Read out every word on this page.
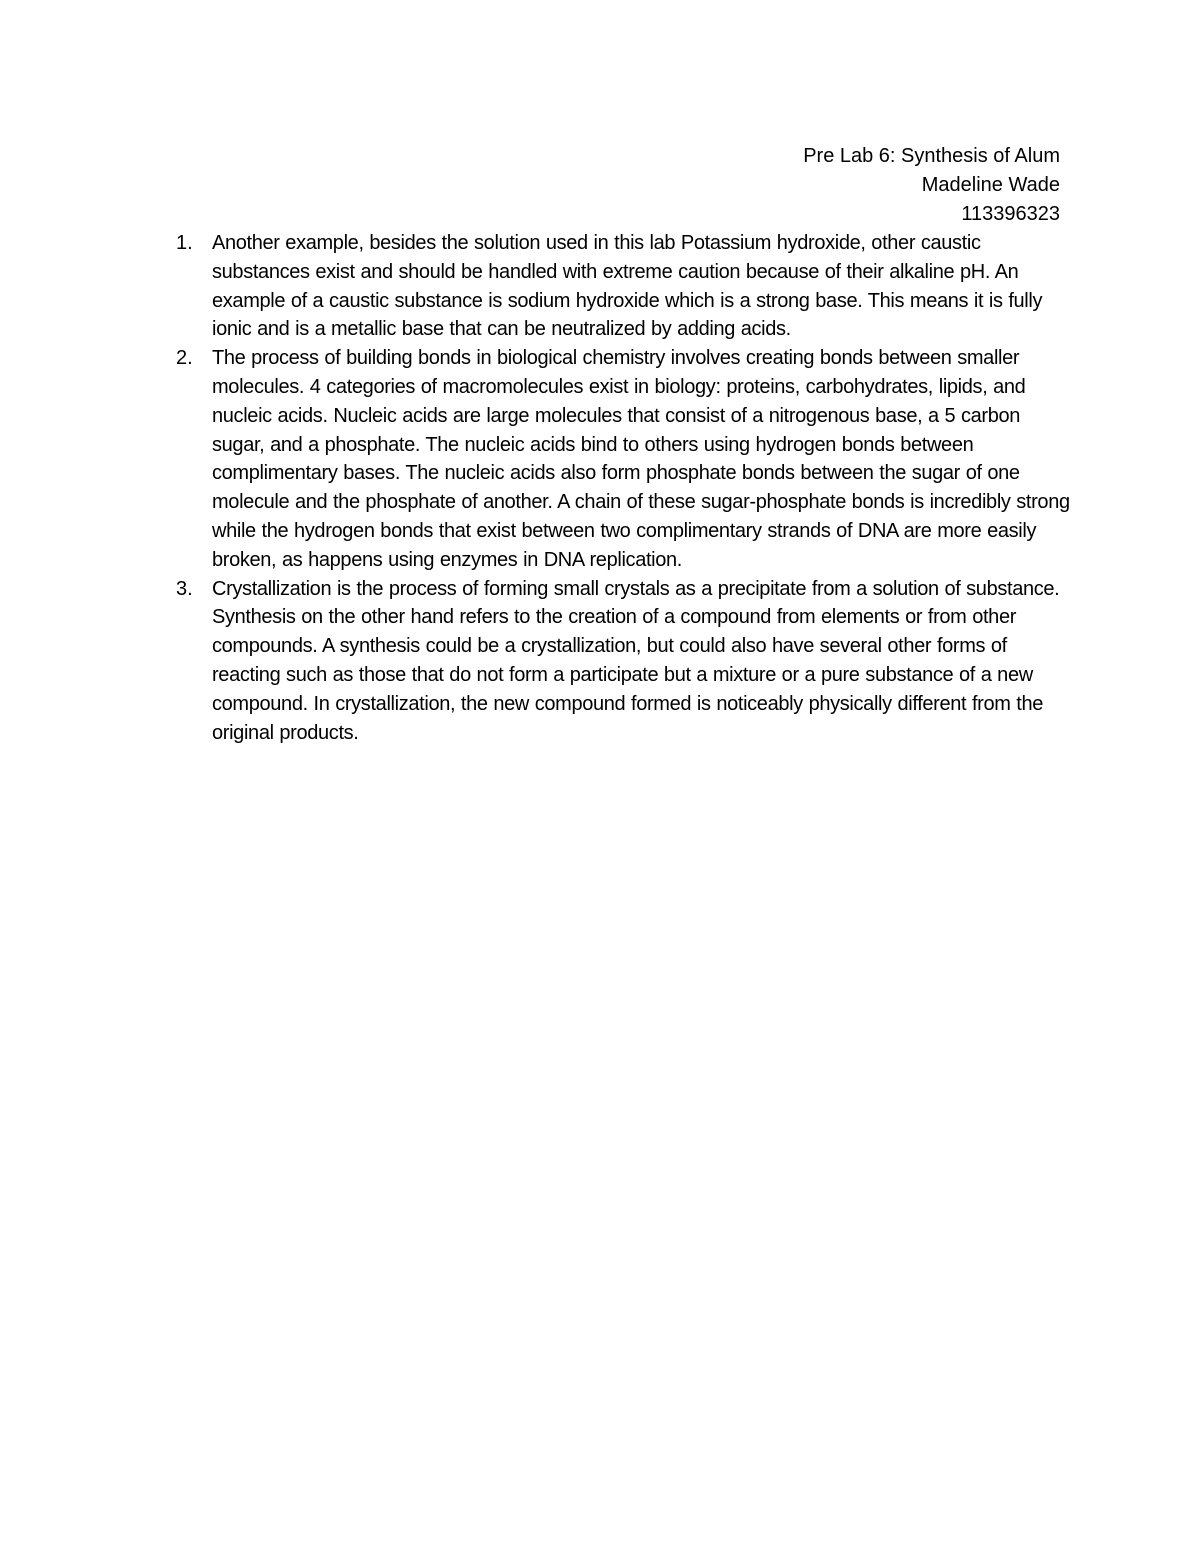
Pre Lab 6: Synthesis of Alum
Madeline Wade
113396323
1. Another example, besides the solution used in this lab Potassium hydroxide, other caustic substances exist and should be handled with extreme caution because of their alkaline pH. An example of a caustic substance is sodium hydroxide which is a strong base. This means it is fully ionic and is a metallic base that can be neutralized by adding acids.
2. The process of building bonds in biological chemistry involves creating bonds between smaller molecules. 4 categories of macromolecules exist in biology: proteins, carbohydrates, lipids, and nucleic acids. Nucleic acids are large molecules that consist of a nitrogenous base, a 5 carbon sugar, and a phosphate. The nucleic acids bind to others using hydrogen bonds between complimentary bases. The nucleic acids also form phosphate bonds between the sugar of one molecule and the phosphate of another. A chain of these sugar-phosphate bonds is incredibly strong while the hydrogen bonds that exist between two complimentary strands of DNA are more easily broken, as happens using enzymes in DNA replication.
3. Crystallization is the process of forming small crystals as a precipitate from a solution of substance. Synthesis on the other hand refers to the creation of a compound from elements or from other compounds. A synthesis could be a crystallization, but could also have several other forms of reacting such as those that do not form a participate but a mixture or a pure substance of a new compound. In crystallization, the new compound formed is noticeably physically different from the original products.
